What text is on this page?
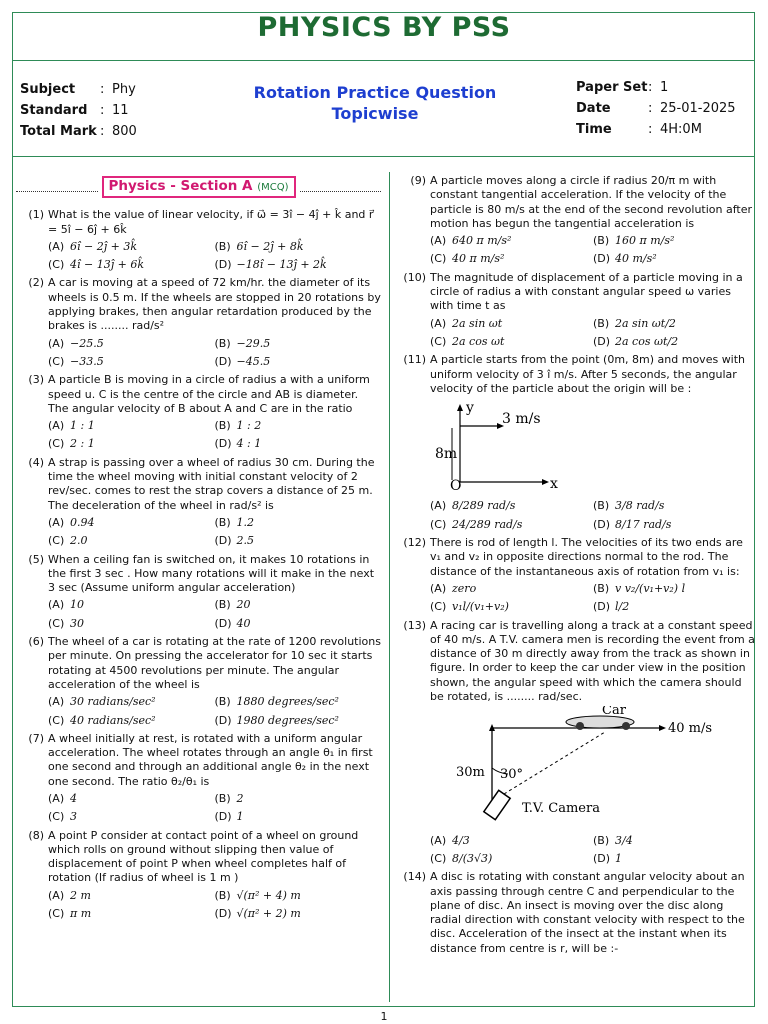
PHYSICS BY PSS
Subject	: Phy
Standard : 11
Total Mark : 800
Rotation Practice Question
Topicwise
Paper Set : 1
Date	: 25-01-2025
Time	: 4H:0M
Physics - Section A (MCQ)
(1) What is the value of linear velocity, if ω⃗ = 3î − 4ĵ + k̂ and r⃗ = 5î − 6ĵ + 6k̂
(A) 6î − 2ĵ + 3k̂	(B) 6î − 2ĵ + 8k̂
(C) 4î − 13ĵ + 6k̂	(D) −18î − 13ĵ + 2k̂
(2) A car is moving at a speed of 72 km/hr. the diameter of its wheels is 0.5 m. If the wheels are stopped in 20 rotations by applying brakes, then angular retardation produced by the brakes is ........ rad/s²
(A) −25.5	(B) −29.5
(C) −33.5	(D) −45.5
(3) A particle B is moving in a circle of radius a with a uniform speed u. C is the centre of the circle and AB is diameter. The angular velocity of B about A and C are in the ratio
(A) 1 : 1	(B) 1 : 2
(C) 2 : 1	(D) 4 : 1
(4) A strap is passing over a wheel of radius 30 cm. During the time the wheel moving with initial constant velocity of 2 rev/sec. comes to rest the strap covers a distance of 25 m. The deceleration of the wheel in rad/s² is
(A) 0.94	(B) 1.2
(C) 2.0	(D) 2.5
(5) When a ceiling fan is switched on, it makes 10 rotations in the first 3 sec . How many rotations will it make in the next 3 sec (Assume uniform angular acceleration)
(A) 10	(B) 20
(C) 30	(D) 40
(6) The wheel of a car is rotating at the rate of 1200 revolutions per minute. On pressing the accelerator for 10 sec it starts rotating at 4500 revolutions per minute. The angular acceleration of the wheel is
(A) 30 radians/sec²	(B) 1880 degrees/sec²
(C) 40 radians/sec²	(D) 1980 degrees/sec²
(7) A wheel initially at rest, is rotated with a uniform angular acceleration. The wheel rotates through an angle θ₁ in first one second and through an additional angle θ₂ in the next one second. The ratio θ₂/θ₁ is
(A) 4	(B) 2
(C) 3	(D) 1
(8) A point P consider at contact point of a wheel on ground which rolls on ground without slipping then value of displacement of point P when wheel completes half of rotation (If radius of wheel is 1 m )
(A) 2 m	(B) √(π² + 4) m
(C) π m	(D) √(π² + 2) m
(9) A particle moves along a circle if radius 20/π m with constant tangential acceleration. If the velocity of the particle is 80 m/s at the end of the second revolution after motion has begun the tangential acceleration is
(A) 640 π m/s²	(B) 160 π m/s²
(C) 40 π m/s²	(D) 40 m/s²
(10) The magnitude of displacement of a particle moving in a circle of radius a with constant angular speed ω varies with time t as
(A) 2a sin ωt	(B) 2a sin ωt/2
(C) 2a cos ωt	(D) 2a cos ωt/2
(11) A particle starts from the point (0m, 8m) and moves with uniform velocity of 3 î m/s. After 5 seconds, the angular velocity of the particle about the origin will be :
y
x
3 m/s
8m
O
(A) 8/289 rad/s	(B) 3/8 rad/s
(C) 24/289 rad/s	(D) 8/17 rad/s
(12) There is rod of length l. The velocities of its two ends are v₁ and v₂ in opposite directions normal to the rod. The distance of the instantaneous axis of rotation from v₁ is:
(A) zero	(B) v v₂/(v₁+v₂) l
(C) v₁l/(v₁+v₂)	(D) l/2
(13) A racing car is travelling along a track at a constant speed of 40 m/s. A T.V. camera men is recording the event from a distance of 30 m directly away from the track as shown in figure. In order to keep the car under view in the position shown, the angular speed with which the camera should be rotated, is ........ rad/sec.
Car
40 m/s
30m 30°
T.V. Camera
(A) 4/3	(B) 3/4
(C) 8/(3√3)	(D) 1
(14) A disc is rotating with constant angular velocity about an axis passing through centre C and perpendicular to the plane of disc. An insect is moving over the disc along radial direction with constant velocity with respect to the disc. Acceleration of the insect at the instant when its distance from centre is r, will be :-
1
